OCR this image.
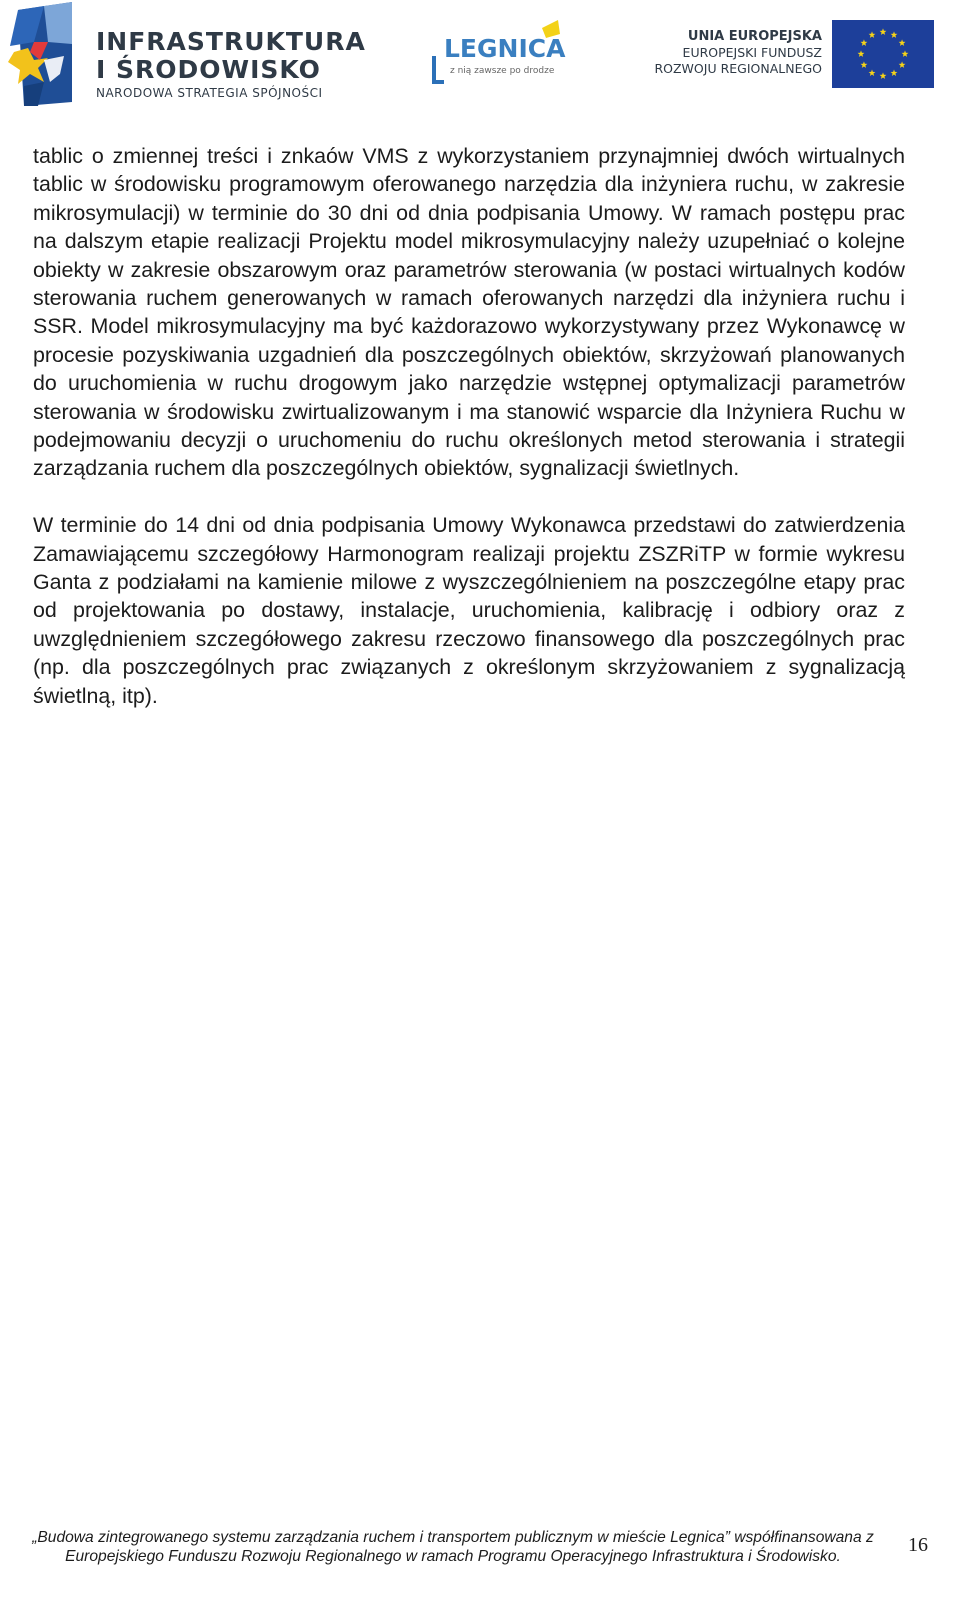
INFRASTRUKTURA
I ŚRODOWISKO
NARODOWA STRATEGIA SPÓJNOŚCI
LEGNICA
z nią zawsze po drodze
UNIA EUROPEJSKA
EUROPEJSKI FUNDUSZ
ROZWOJU REGIONALNEGO

tablic o zmiennej treści i znkaów VMS z wykorzystaniem przynajmniej dwóch wirtualnych tablic w środowisku programowym oferowanego narzędzia dla inżyniera ruchu, w zakresie mikrosymulacji) w terminie do 30 dni od dnia podpisania Umowy. W ramach postępu prac na dalszym etapie realizacji Projektu model mikrosymulacyjny należy uzupełniać o kolejne obiekty w zakresie obszarowym oraz parametrów sterowania (w postaci wirtualnych kodów sterowania ruchem generowanych w ramach oferowanych narzędzi dla inżyniera ruchu i SSR. Model mikrosymulacyjny ma być każdorazowo wykorzystywany przez Wykonawcę w procesie pozyskiwania uzgadnień dla poszczególnych obiektów, skrzyżowań planowanych do uruchomienia w ruchu drogowym jako narzędzie wstępnej optymalizacji parametrów sterowania w środowisku zwirtualizowanym i ma stanowić wsparcie dla Inżyniera Ruchu w podejmowaniu decyzji o uruchomeniu do ruchu określonych metod sterowania i strategii zarządzania ruchem dla poszczególnych obiektów, sygnalizacji świetlnych.

W terminie do 14 dni od dnia podpisania Umowy Wykonawca przedstawi do zatwierdzenia Zamawiającemu szczegółowy Harmonogram realizaji projektu ZSZRiTP w formie wykresu Ganta z podziałami na kamienie milowe z wyszczególnieniem na poszczególne etapy prac od projektowania po dostawy, instalacje, uruchomienia, kalibrację i odbiory oraz z uwzględnieniem szczegółowego zakresu rzeczowo finansowego dla poszczególnych prac (np. dla poszczególnych prac związanych z określonym skrzyżowaniem z sygnalizacją świetlną, itp).

„Budowa zintegrowanego systemu zarządzania ruchem i transportem publicznym w mieście Legnica” współfinansowana z
Europejskiego Funduszu Rozwoju Regionalnego w ramach Programu Operacyjnego Infrastruktura i Środowisko.
16
